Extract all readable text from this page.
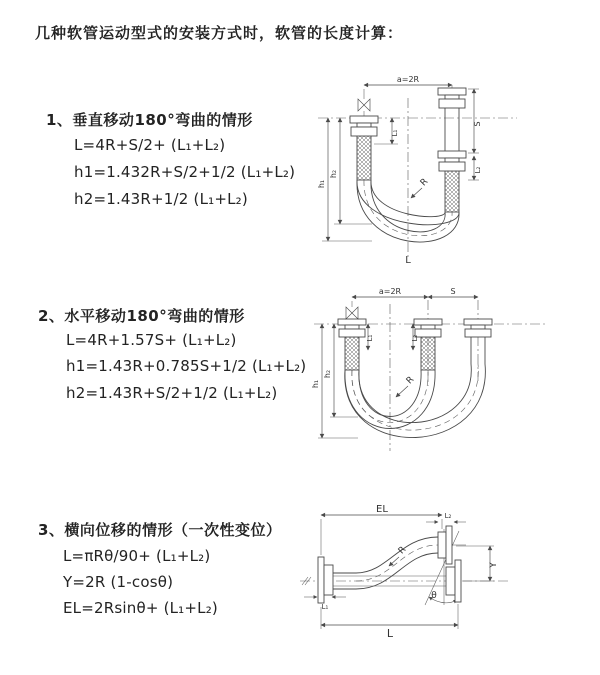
几种软管运动型式的安装方式时，软管的长度计算：
1、垂直移动180°弯曲的情形
L=4R+S/2+ (L₁+L₂)
h1=1.432R+S/2+1/2 (L₁+L₂)
h2=1.43R+1/2 (L₁+L₂)
2、水平移动180°弯曲的情形
L=4R+1.57S+ (L₁+L₂)
h1=1.43R+0.785S+1/2 (L₁+L₂)
h2=1.43R+S/2+1/2 (L₁+L₂)
3、横向位移的情形（一次性变位）
L=πRθ/90+ (L₁+L₂)
Y=2R (1-cosθ)
EL=2Rsinθ+ (L₁+L₂)
a=2R
S
L₁
L₂
h₁
h₂
R
L
a=2R	S
L₁	L₂
h₁
h₂
R
EL
L₂
Y
R
θ
L
L₁
